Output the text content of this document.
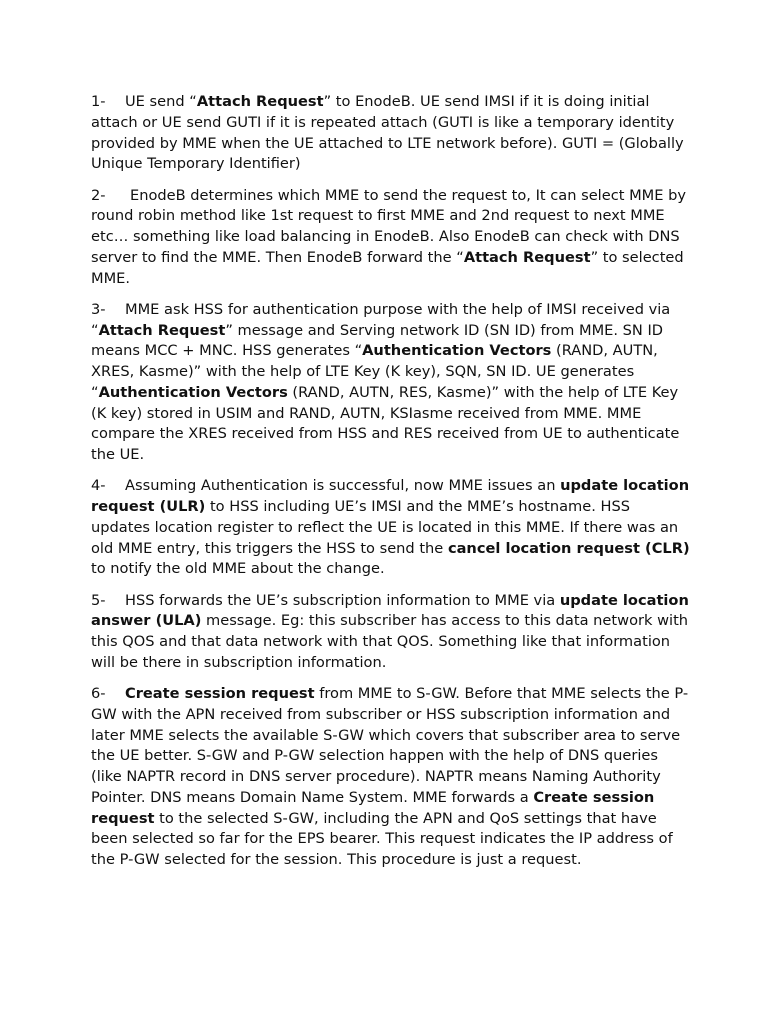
1- UE send “Attach Request” to EnodeB. UE send IMSI if it is doing initial attach or UE send GUTI if it is repeated attach (GUTI is like a temporary identity provided by MME when the UE attached to LTE network before). GUTI = (Globally Unique Temporary Identifier)

2- EnodeB determines which MME to send the request to, It can select MME by round robin method like 1st request to first MME and 2nd request to next MME etc… something like load balancing in EnodeB. Also EnodeB can check with DNS server to find the MME. Then EnodeB forward the “Attach Request” to selected MME.

3- MME ask HSS for authentication purpose with the help of IMSI received via “Attach Request” message and Serving network ID (SN ID) from MME. SN ID means MCC + MNC. HSS generates “Authentication Vectors (RAND, AUTN, XRES, Kasme)” with the help of LTE Key (K key), SQN, SN ID. UE generates “Authentication Vectors (RAND, AUTN, RES, Kasme)” with the help of LTE Key (K key) stored in USIM and RAND, AUTN, KSIasme received from MME. MME compare the XRES received from HSS and RES received from UE to authenticate the UE.

4- Assuming Authentication is successful, now MME issues an update location request (ULR) to HSS including UE’s IMSI and the MME’s hostname. HSS updates location register to reflect the UE is located in this MME. If there was an old MME entry, this triggers the HSS to send the cancel location request (CLR) to notify the old MME about the change.

5- HSS forwards the UE’s subscription information to MME via update location answer (ULA) message. Eg: this subscriber has access to this data network with this QOS and that data network with that QOS. Something like that information will be there in subscription information.

6- Create session request from MME to S-GW. Before that MME selects the P-GW with the APN received from subscriber or HSS subscription information and later MME selects the available S-GW which covers that subscriber area to serve the UE better. S-GW and P-GW selection happen with the help of DNS queries (like NAPTR record in DNS server procedure). NAPTR means Naming Authority Pointer. DNS means Domain Name System. MME forwards a Create session request to the selected S-GW, including the APN and QoS settings that have been selected so far for the EPS bearer. This request indicates the IP address of the P-GW selected for the session. This procedure is just a request.
